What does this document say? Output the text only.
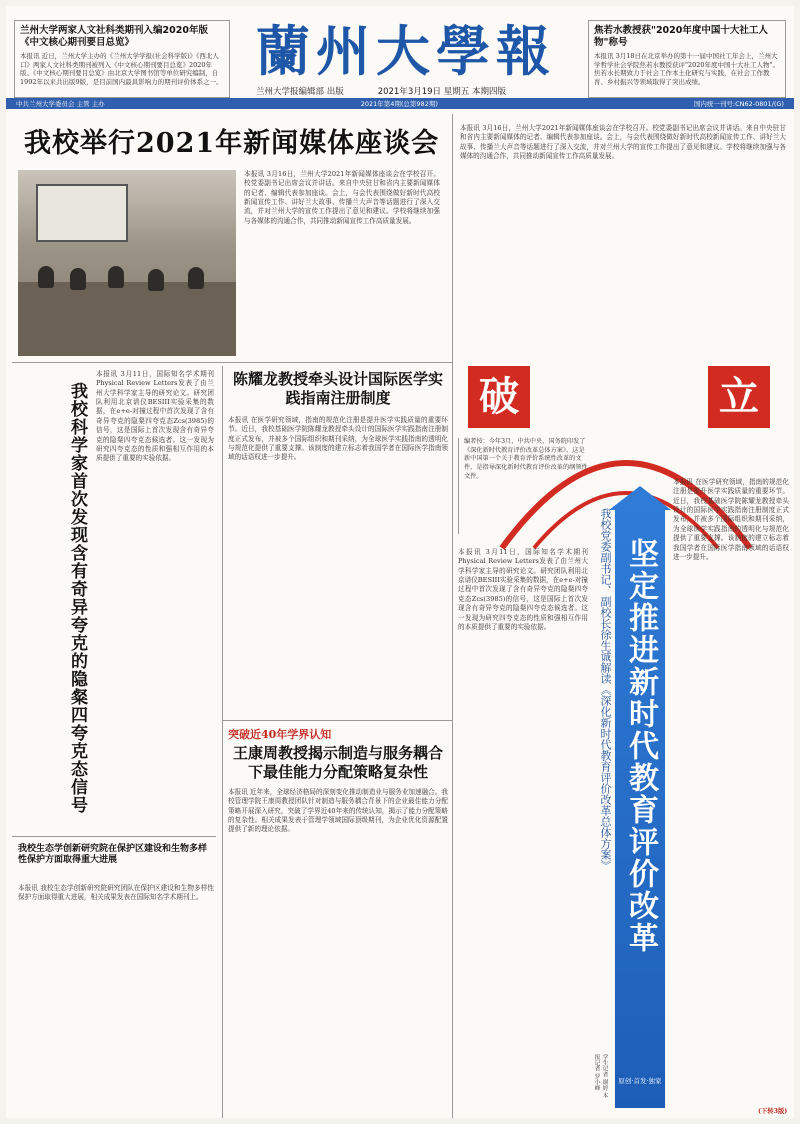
兰州大学两家人文社科类期刊入编2020年版《中文核心期刊要目总览》

本报讯 近日，兰州大学主办的《兰州大学学报(社会科学版)》《西北人口》两家人文社科类期刊被列入《中文核心期刊要目总览》2020年版。《中文核心期刊要目总览》由北京大学图书馆等单位研究编制，自1992年以来共出版9版，是目前国内最具影响力的期刊评价体系之一。

焦若水教授获"2020年度中国十大社工人物"称号

本报讯 3月18日在北京举办的第十一届中国社工年会上，兰州大学哲学社会学院焦若水教授获评"2020年度中国十大社工人物"。焦若水长期致力于社会工作本土化研究与实践，在社会工作教育、乡村振兴等领域取得了突出成绩。

蘭州大學報
兰州大学报编辑部 出版	2021年3月19日 星期五 本期四版
中共兰州大学委员会 主管 主办	2021年第4期(总第982期)	国内统一刊号:CN62-0801/(G)
我校举行2021年新闻媒体座谈会
本报讯 3月16日，兰州大学2021年新闻媒体座谈会在学校召开。校党委副书记出席会议并讲话。来自中央驻甘和省内主要新闻媒体的记者、编辑代表参加座谈。会上，与会代表围绕做好新时代高校新闻宣传工作、讲好兰大故事、传播兰大声音等话题进行了深入交流，并对兰州大学的宣传工作提出了意见和建议。学校将继续加强与各媒体的沟通合作，共同推动新闻宣传工作高质量发展。
本报讯 3月11日，国际知名学术期刊Physical Review Letters发表了由兰州大学科学家主导的研究论文。研究团队利用北京谱仪BESIII实验采集的数据，在e+e-对撞过程中首次发现了含有奇异夸克的隐粲四夸克态Zcs(3985)的信号，这是国际上首次发现含有奇异夸克的隐粲四夸克态候选者。这一发现为研究四夸克态的性质和强相互作用的本质提供了重要的实验依据。
我校科学家首次发现含有奇异夸克的隐粲四夸克态信号
我校生态学创新研究院在保护区建设和生物多样性保护方面取得重大进展
本报讯 我校生态学创新研究院研究团队在保护区建设和生物多样性保护方面取得重大进展，相关成果发表在国际知名学术期刊上。
陈耀龙教授牵头设计国际医学实践指南注册制度
本报讯 在医学研究领域，指南的规范化注册是提升医学实践质量的重要环节。近日，我校基础医学院陈耀龙教授牵头设计的国际医学实践指南注册制度正式发布，并被多个国际组织和期刊采纳，为全球医学实践指南的透明化与规范化提供了重要支撑。该制度的建立标志着我国学者在国际医学指南领域的话语权进一步提升。
突破近40年学界认知
王康周教授揭示制造与服务耦合下最佳能力分配策略复杂性
本报讯 近年来，全球经济格局的深刻变化推动制造业与服务业加速融合。我校管理学院王康周教授团队针对制造与服务耦合背景下的企业最佳能力分配策略开展深入研究，突破了学界近40年来的传统认知，揭示了能力分配策略的复杂性。相关成果发表于管理学领域国际顶级期刊，为企业优化资源配置提供了新的理论依据。
本报讯 3月16日，兰州大学2021年新闻媒体座谈会在学校召开。校党委副书记出席会议并讲话。来自中央驻甘和省内主要新闻媒体的记者、编辑代表参加座谈。会上，与会代表围绕做好新时代高校新闻宣传工作、讲好兰大故事、传播兰大声音等话题进行了深入交流，并对兰州大学的宣传工作提出了意见和建议。学校将继续加强与各媒体的沟通合作，共同推动新闻宣传工作高质量发展。
破	立
编者按：今年3月，中共中央、国务院印发了《深化新时代教育评价改革总体方案》，这是新中国第一个关于教育评价系统性改革的文件，是指导深化新时代教育评价改革的纲领性文件。
坚定推进新时代教育评价改革
我校党委副书记、副校长徐生诚解读《深化新时代教育评价改革总体方案》
学生记者 谢婷 本报记者 罗小峰	原创·首发·独家
本报讯 在医学研究领域，指南的规范化注册是提升医学实践质量的重要环节。近日，我校基础医学院陈耀龙教授牵头设计的国际医学实践指南注册制度正式发布，并被多个国际组织和期刊采纳，为全球医学实践指南的透明化与规范化提供了重要支撑。该制度的建立标志着我国学者在国际医学指南领域的话语权进一步提升。
本报讯 3月11日，国际知名学术期刊Physical Review Letters发表了由兰州大学科学家主导的研究论文。研究团队利用北京谱仪BESIII实验采集的数据，在e+e-对撞过程中首次发现了含有奇异夸克的隐粲四夸克态Zcs(3985)的信号，这是国际上首次发现含有奇异夸克的隐粲四夸克态候选者。这一发现为研究四夸克态的性质和强相互作用的本质提供了重要的实验依据。
(下转3版)
